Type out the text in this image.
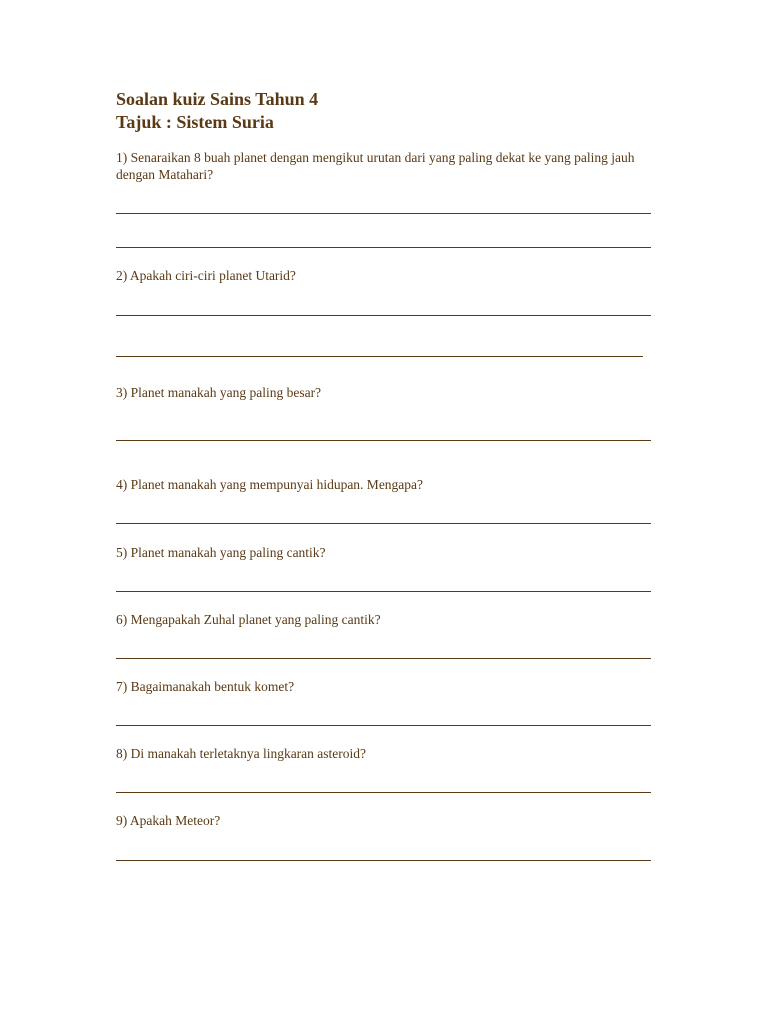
Soalan kuiz Sains Tahun 4
Tajuk : Sistem Suria
1) Senaraikan 8 buah planet dengan mengikut urutan dari yang paling dekat ke yang paling jauh dengan Matahari?
2) Apakah ciri-ciri planet Utarid?
3) Planet manakah yang paling besar?
4) Planet manakah yang mempunyai hidupan. Mengapa?
5) Planet manakah yang paling cantik?
6) Mengapakah Zuhal planet yang paling cantik?
7) Bagaimanakah bentuk komet?
8) Di manakah terletaknya lingkaran asteroid?
9) Apakah Meteor?
